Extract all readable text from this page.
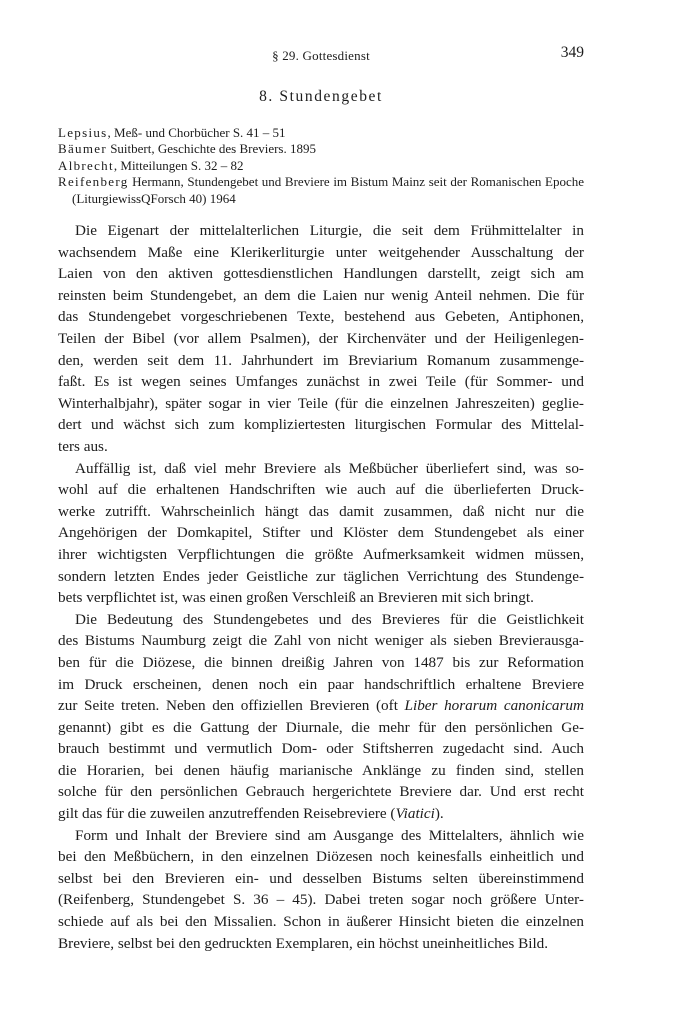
§ 29. Gottesdienst	349
8. Stundengebet
Lepsius, Meß- und Chorbücher S. 41 – 51
Bäumer Suitbert, Geschichte des Breviers. 1895
Albrecht, Mitteilungen S. 32 – 82
Reifenberg Hermann, Stundengebet und Breviere im Bistum Mainz seit der Romanischen Epoche (LiturgiewissQForsch 40) 1964

Die Eigenart der mittelalterlichen Liturgie, die seit dem Frühmittelalter in
wachsendem Maße eine Klerikerliturgie unter weitgehender Ausschaltung der
Laien von den aktiven gottesdienstlichen Handlungen darstellt, zeigt sich am
reinsten beim Stundengebet, an dem die Laien nur wenig Anteil nehmen. Die für
das Stundengebet vorgeschriebenen Texte, bestehend aus Gebeten, Antiphonen,
Teilen der Bibel (vor allem Psalmen), der Kirchenväter und der Heiligenlegen-
den, werden seit dem 11. Jahrhundert im Breviarium Romanum zusammenge-
faßt. Es ist wegen seines Umfanges zunächst in zwei Teile (für Sommer- und
Winterhalbjahr), später sogar in vier Teile (für die einzelnen Jahreszeiten) geglie-
dert und wächst sich zum kompliziertesten liturgischen Formular des Mittelal-
ters aus.

Auffällig ist, daß viel mehr Breviere als Meßbücher überliefert sind, was so-
wohl auf die erhaltenen Handschriften wie auch auf die überlieferten Druck-
werke zutrifft. Wahrscheinlich hängt das damit zusammen, daß nicht nur die
Angehörigen der Domkapitel, Stifter und Klöster dem Stundengebet als einer
ihrer wichtigsten Verpflichtungen die größte Aufmerksamkeit widmen müssen,
sondern letzten Endes jeder Geistliche zur täglichen Verrichtung des Stundenge-
bets verpflichtet ist, was einen großen Verschleiß an Brevieren mit sich bringt.

Die Bedeutung des Stundengebetes und des Brevieres für die Geistlichkeit
des Bistums Naumburg zeigt die Zahl von nicht weniger als sieben Brevierausga-
ben für die Diözese, die binnen dreißig Jahren von 1487 bis zur Reformation
im Druck erscheinen, denen noch ein paar handschriftlich erhaltene Breviere
zur Seite treten. Neben den offiziellen Brevieren (oft Liber horarum canonicarum
genannt) gibt es die Gattung der Diurnale, die mehr für den persönlichen Ge-
brauch bestimmt und vermutlich Dom- oder Stiftsherren zugedacht sind. Auch
die Horarien, bei denen häufig marianische Anklänge zu finden sind, stellen
solche für den persönlichen Gebrauch hergerichtete Breviere dar. Und erst recht
gilt das für die zuweilen anzutreffenden Reisebreviere (Viatici).

Form und Inhalt der Breviere sind am Ausgange des Mittelalters, ähnlich wie
bei den Meßbüchern, in den einzelnen Diözesen noch keinesfalls einheitlich und
selbst bei den Brevieren ein- und desselben Bistums selten übereinstimmend
(Reifenberg, Stundengebet S. 36 – 45). Dabei treten sogar noch größere Unter-
schiede auf als bei den Missalien. Schon in äußerer Hinsicht bieten die einzelnen
Breviere, selbst bei den gedruckten Exemplaren, ein höchst uneinheitliches Bild.
